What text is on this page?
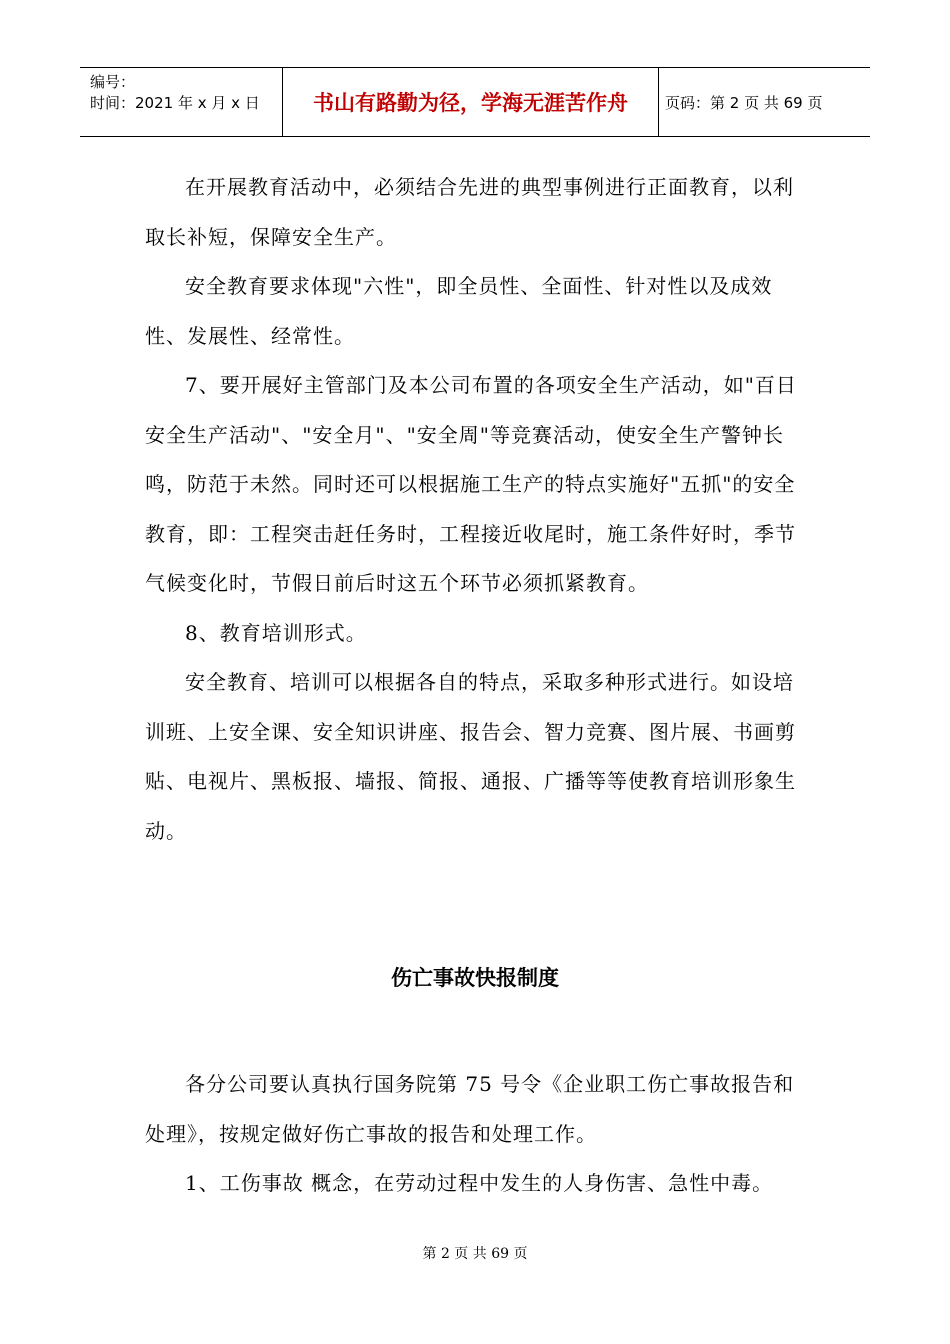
编号：
时间：2021 年 x 月 x 日	书山有路勤为径，学海无涯苦作舟	页码：第 2 页 共 69 页

在开展教育活动中，必须结合先进的典型事例进行正面教育，以利取长补短，保障安全生产。

安全教育要求体现"六性"，即全员性、全面性、针对性以及成效性、发展性、经常性。

7、要开展好主管部门及本公司布置的各项安全生产活动，如"百日安全生产活动"、"安全月"、"安全周"等竞赛活动，使安全生产警钟长鸣，防范于未然。同时还可以根据施工生产的特点实施好"五抓"的安全教育，即：工程突击赶任务时，工程接近收尾时，施工条件好时，季节气候变化时，节假日前后时这五个环节必须抓紧教育。

8、教育培训形式。

安全教育、培训可以根据各自的特点，采取多种形式进行。如设培训班、上安全课、安全知识讲座、报告会、智力竞赛、图片展、书画剪贴、电视片、黑板报、墙报、简报、通报、广播等等使教育培训形象生动。

伤亡事故快报制度

各分公司要认真执行国务院第 75 号令《企业职工伤亡事故报告和处理》，按规定做好伤亡事故的报告和处理工作。

1、工伤事故 概念，在劳动过程中发生的人身伤害、急性中毒。

第 2 页 共 69 页
